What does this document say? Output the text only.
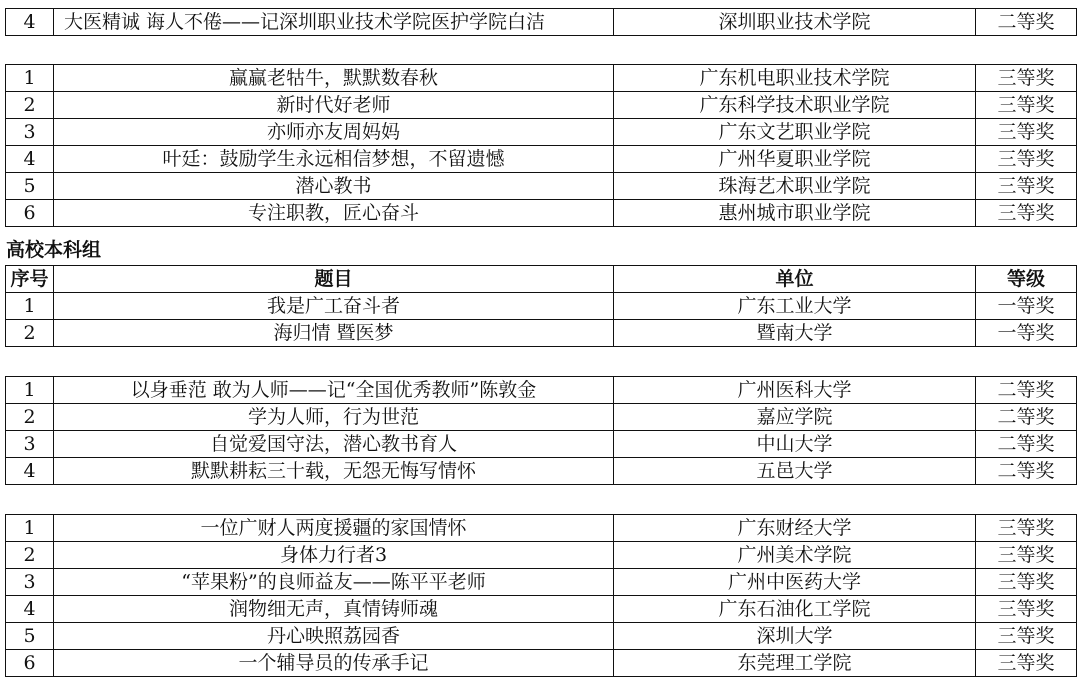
4	大医精诚 诲人不倦——记深圳职业技术学院医护学院白洁	深圳职业技术学院	二等奖
1	赢赢老牯牛，默默数春秋	广东机电职业技术学院	三等奖
2	新时代好老师	广东科学技术职业学院	三等奖
3	亦师亦友周妈妈	广东文艺职业学院	三等奖
4	叶廷：鼓励学生永远相信梦想，不留遗憾	广州华夏职业学院	三等奖
5	潜心教书	珠海艺术职业学院	三等奖
6	专注职教，匠心奋斗	惠州城市职业学院	三等奖
高校本科组
序号	题目	单位	等级
1	我是广工奋斗者	广东工业大学	一等奖
2	海归情 暨医梦	暨南大学	一等奖
1	以身垂范 敢为人师——记“全国优秀教师”陈敦金	广州医科大学	二等奖
2	学为人师，行为世范	嘉应学院	二等奖
3	自觉爱国守法，潜心教书育人	中山大学	二等奖
4	默默耕耘三十载，无怨无悔写情怀	五邑大学	二等奖
1	一位广财人两度援疆的家国情怀	广东财经大学	三等奖
2	身体力行者3	广州美术学院	三等奖
3	“苹果粉”的良师益友——陈平平老师	广州中医药大学	三等奖
4	润物细无声，真情铸师魂	广东石油化工学院	三等奖
5	丹心映照荔园香	深圳大学	三等奖
6	一个辅导员的传承手记	东莞理工学院	三等奖
